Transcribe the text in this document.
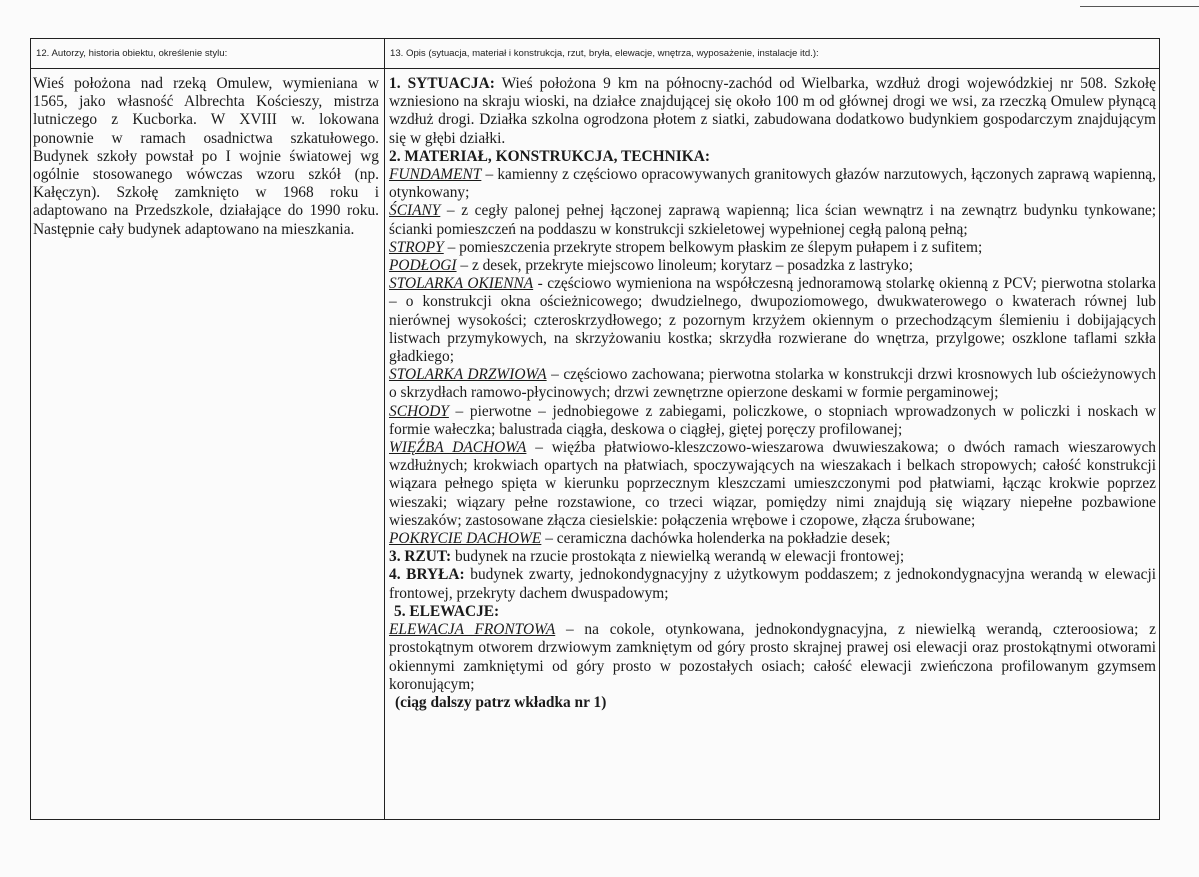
12. Autorzy, historia obiektu, określenie stylu:	13. Opis (sytuacja, materiał i konstrukcja, rzut, bryła, elewacje, wnętrza, wyposażenie, instalacje itd.):

Wieś położona nad rzeką Omulew, wymieniana w 1565, jako własność Albrechta Kościeszy, mistrza lutniczego z Kucborka. W XVIII w. lokowana ponownie w ramach osadnictwa szkatułowego. Budynek szkoły powstał po I wojnie światowej wg ogólnie stosowanego wówczas wzoru szkół (np. Kałęczyn). Szkołę zamknięto w 1968 roku i adaptowano na Przedszkole, działające do 1990 roku. Następnie cały budynek adaptowano na mieszkania.

1. SYTUACJA: Wieś położona 9 km na północny-zachód od Wielbarka, wzdłuż drogi wojewódzkiej nr 508. Szkołę wzniesiono na skraju wioski, na działce znajdującej się około 100 m od głównej drogi we wsi, za rzeczką Omulew płynącą wzdłuż drogi. Działka szkolna ogrodzona płotem z siatki, zabudowana dodatkowo budynkiem gospodarczym znajdującym się w głębi działki.

2. MATERIAŁ, KONSTRUKCJA, TECHNIKA:

FUNDAMENT – kamienny z częściowo opracowywanych granitowych głazów narzutowych, łączonych zaprawą wapienną, otynkowany;

ŚCIANY – z cegły palonej pełnej łączonej zaprawą wapienną; lica ścian wewnątrz i na zewnątrz budynku tynkowane; ścianki pomieszczeń na poddaszu w konstrukcji szkieletowej wypełnionej cegłą paloną pełną;

STROPY – pomieszczenia przekryte stropem belkowym płaskim ze ślepym pułapem i z sufitem;

PODŁOGI – z desek, przekryte miejscowo linoleum; korytarz – posadzka z lastryko;

STOLARKA OKIENNA - częściowo wymieniona na współczesną jednoramową stolarkę okienną z PCV; pierwotna stolarka – o konstrukcji okna ościeżnicowego; dwudzielnego, dwupoziomowego, dwukwaterowego o kwaterach równej lub nierównej wysokości; czteroskrzydłowego; z pozornym krzyżem okiennym o przechodzącym ślemieniu i dobijających listwach przymykowych, na skrzyżowaniu kostka; skrzydła rozwierane do wnętrza, przylgowe; oszklone taflami szkła gładkiego;

STOLARKA DRZWIOWA – częściowo zachowana; pierwotna stolarka w konstrukcji drzwi krosnowych lub ościeżynowych o skrzydłach ramowo-płycinowych; drzwi zewnętrzne opierzone deskami w formie pergaminowej;

SCHODY – pierwotne – jednobiegowe z zabiegami, policzkowe, o stopniach wprowadzonych w policzki i noskach w formie wałeczka; balustrada ciągła, deskowa o ciągłej, giętej poręczy profilowanej;

WIĘŹBA DACHOWA – więźba płatwiowo-kleszczowo-wieszarowa dwuwieszakowa; o dwóch ramach wieszarowych wzdłużnych; krokwiach opartych na płatwiach, spoczywających na wieszakach i belkach stropowych; całość konstrukcji wiązara pełnego spięta w kierunku poprzecznym kleszczami umieszczonymi pod płatwiami, łącząc krokwie poprzez wieszaki; wiązary pełne rozstawione, co trzeci wiązar, pomiędzy nimi znajdują się wiązary niepełne pozbawione wieszaków; zastosowane złącza ciesielskie: połączenia wrębowe i czopowe, złącza śrubowane;

POKRYCIE DACHOWE – ceramiczna dachówka holenderka na pokładzie desek;

3. RZUT: budynek na rzucie prostokąta z niewielką werandą w elewacji frontowej;

4. BRYŁA: budynek zwarty, jednokondygnacyjny z użytkowym poddaszem; z jednokondygnacyjna werandą w elewacji frontowej, przekryty dachem dwuspadowym;

5. ELEWACJE:

ELEWACJA FRONTOWA – na cokole, otynkowana, jednokondygnacyjna, z niewielką werandą, czteroosiowa; z prostokątnym otworem drzwiowym zamkniętym od góry prosto skrajnej prawej osi elewacji oraz prostokątnymi otworami okiennymi zamkniętymi od góry prosto w pozostałych osiach; całość elewacji zwieńczona profilowanym gzymsem koronującym;

(ciąg dalszy patrz wkładka nr 1)
